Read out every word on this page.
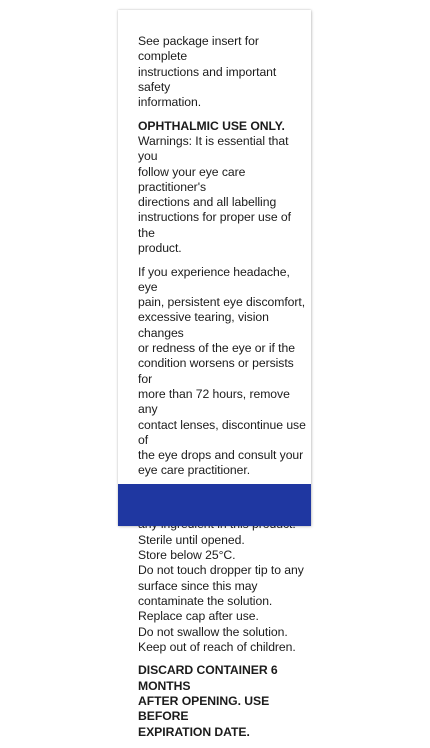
See package insert for complete
instructions and important safety
information.

OPHTHALMIC USE ONLY.

Warnings: It is essential that you
follow your eye care practitioner's
directions and all labelling
instructions for proper use of the
product.

If you experience headache, eye
pain, persistent eye discomfort,
excessive tearing, vision changes
or redness of the eye or if the
condition worsens or persists for
more than 72 hours, remove any
contact lenses, discontinue use of
the eye drops and consult your
eye care practitioner.

Sterile until opened.
Store below 25°C.
Do not touch dropper tip to any
surface since this may
contaminate the solution.
Replace cap after use.
Do not swallow the solution.
Keep out of reach of children.

DISCARD CONTAINER 6 MONTHS
AFTER OPENING. USE BEFORE
EXPIRATION DATE.
